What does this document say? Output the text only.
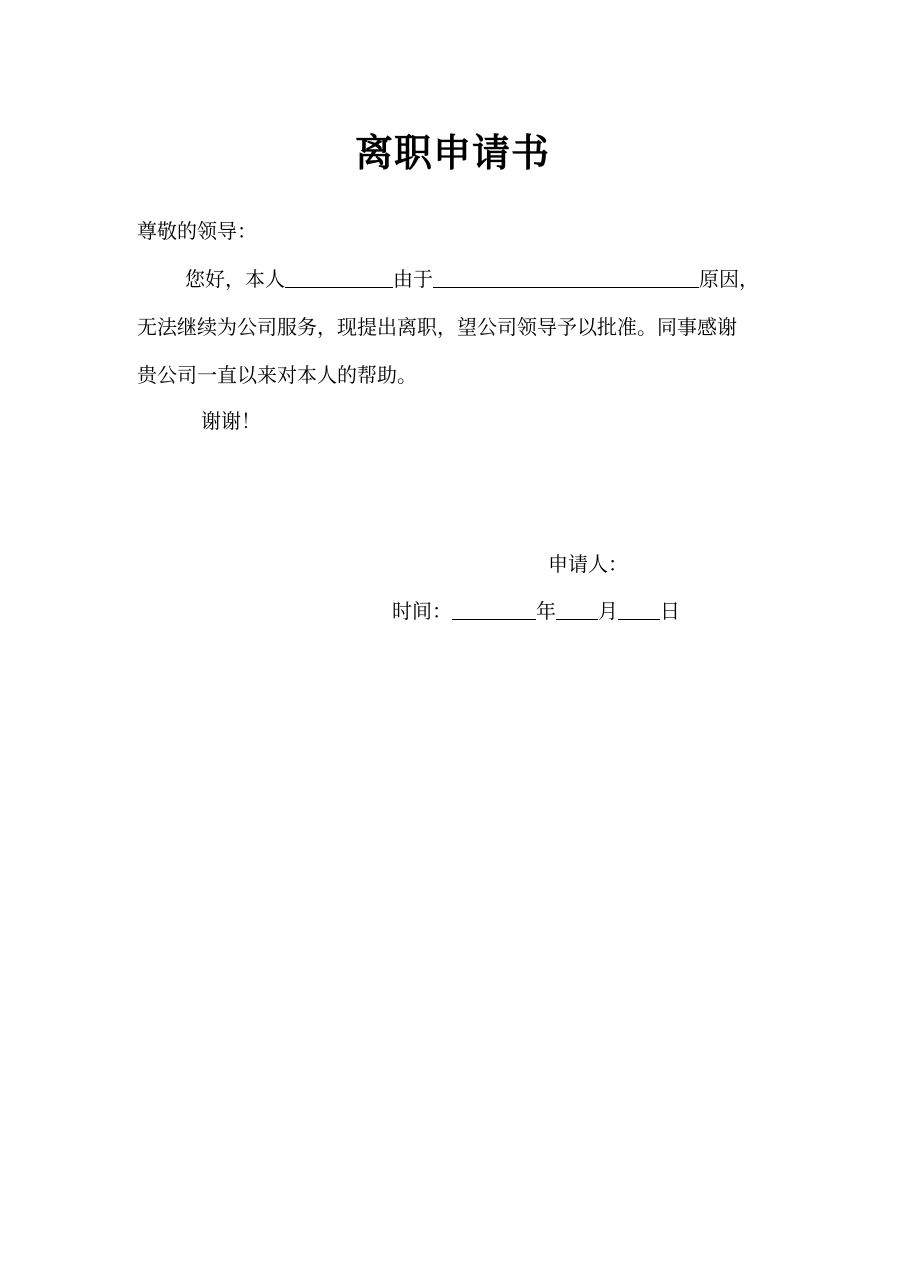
离职申请书
尊敬的领导：
您好，本人	由于	原因，
无法继续为公司服务，现提出离职，望公司领导予以批准。同事感谢
贵公司一直以来对本人的帮助。
谢谢！
申请人：
时间：	年 月 日
